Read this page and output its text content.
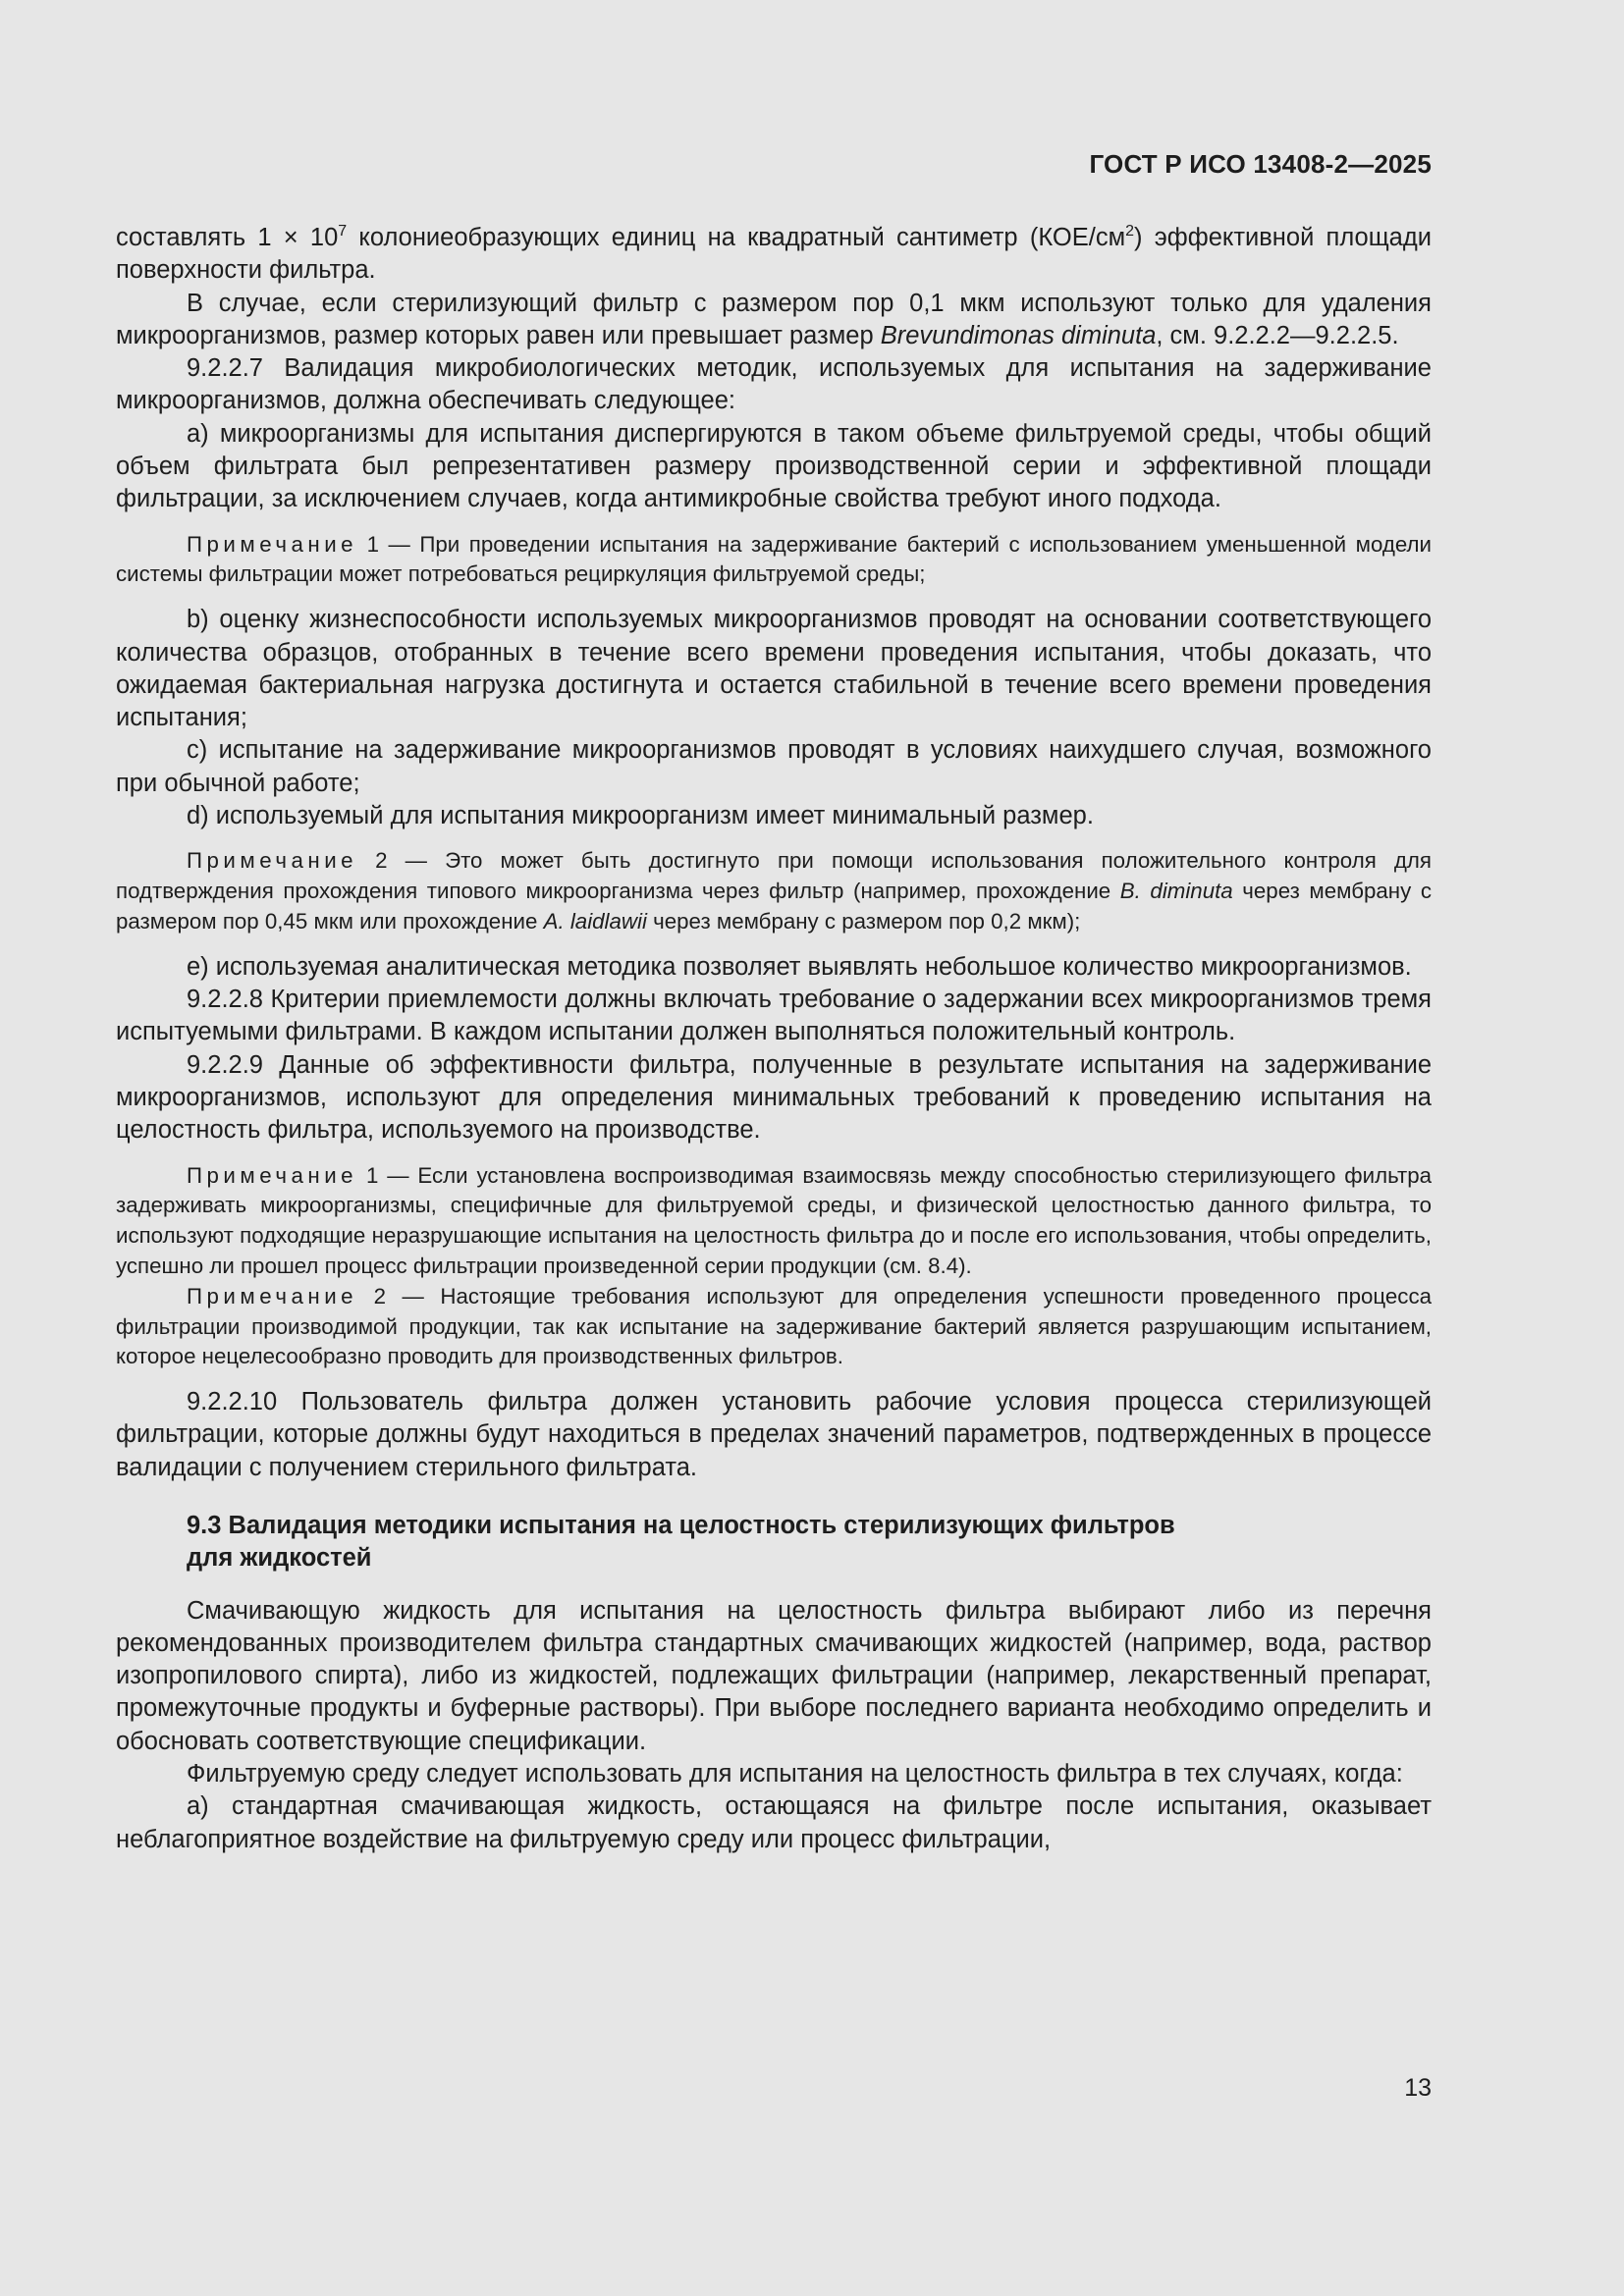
ГОСТ Р ИСО 13408-2—2025

составлять $1 \times 10^7$ колониеобразующих единиц на квадратный сантиметр $(КОЕ/см^2)$ эффективной площади поверхности фильтра.

В случае, если стерилизующий фильтр с размером пор 0,1 мкм используют только для удаления микроорганизмов, размер которых равен или превышает размер Brevundimonas diminuta, см. 9.2.2.2—9.2.2.5.

9.2.2.7 Валидация микробиологических методик, используемых для испытания на задерживание микроорганизмов, должна обеспечивать следующее:

а) микроорганизмы для испытания диспергируются в таком объеме фильтруемой среды, чтобы общий объем фильтрата был репрезентативен размеру производственной серии и эффективной площади фильтрации, за исключением случаев, когда антимикробные свойства требуют иного подхода.

Примечание 1 — При проведении испытания на задерживание бактерий с использованием уменьшенной модели системы фильтрации может потребоваться рециркуляция фильтруемой среды;

b) оценку жизнеспособности используемых микроорганизмов проводят на основании соответствующего количества образцов, отобранных в течение всего времени проведения испытания, чтобы доказать, что ожидаемая бактериальная нагрузка достигнута и остается стабильной в течение всего времени проведения испытания;

c) испытание на задерживание микроорганизмов проводят в условиях наихудшего случая, возможного при обычной работе;

d) используемый для испытания микроорганизм имеет минимальный размер.

Примечание 2 — Это может быть достигнуто при помощи использования положительного контроля для подтверждения прохождения типового микроорганизма через фильтр (например, прохождение B. diminuta через мембрану с размером пор 0,45 мкм или прохождение A. laidlawii через мембрану с размером пор 0,2 мкм);

е) используемая аналитическая методика позволяет выявлять небольшое количество микроорганизмов.

9.2.2.8 Критерии приемлемости должны включать требование о задержании всех микроорганизмов тремя испытуемыми фильтрами. В каждом испытании должен выполняться положительный контроль.

9.2.2.9 Данные об эффективности фильтра, полученные в результате испытания на задерживание микроорганизмов, используют для определения минимальных требований к проведению испытания на целостность фильтра, используемого на производстве.

Примечание 1 — Если установлена воспроизводимая взаимосвязь между способностью стерилизующего фильтра задерживать микроорганизмы, специфичные для фильтруемой среды, и физической целостностью данного фильтра, то используют подходящие неразрушающие испытания на целостность фильтра до и после его использования, чтобы определить, успешно ли прошел процесс фильтрации произведенной серии продукции (см. 8.4).

Примечание 2 — Настоящие требования используют для определения успешности проведенного процесса фильтрации производимой продукции, так как испытание на задерживание бактерий является разрушающим испытанием, которое нецелесообразно проводить для производственных фильтров.

9.2.2.10 Пользователь фильтра должен установить рабочие условия процесса стерилизующей фильтрации, которые должны будут находиться в пределах значений параметров, подтвержденных в процессе валидации с получением стерильного фильтрата.

9.3 Валидация методики испытания на целостность стерилизующих фильтров
для жидкостей

Смачивающую жидкость для испытания на целостность фильтра выбирают либо из перечня рекомендованных производителем фильтра стандартных смачивающих жидкостей (например, вода, раствор изопропилового спирта), либо из жидкостей, подлежащих фильтрации (например, лекарственный препарат, промежуточные продукты и буферные растворы). При выборе последнего варианта необходимо определить и обосновать соответствующие спецификации.

Фильтруемую среду следует использовать для испытания на целостность фильтра в тех случаях, когда:

а) стандартная смачивающая жидкость, остающаяся на фильтре после испытания, оказывает неблагоприятное воздействие на фильтруемую среду или процесс фильтрации,

13
